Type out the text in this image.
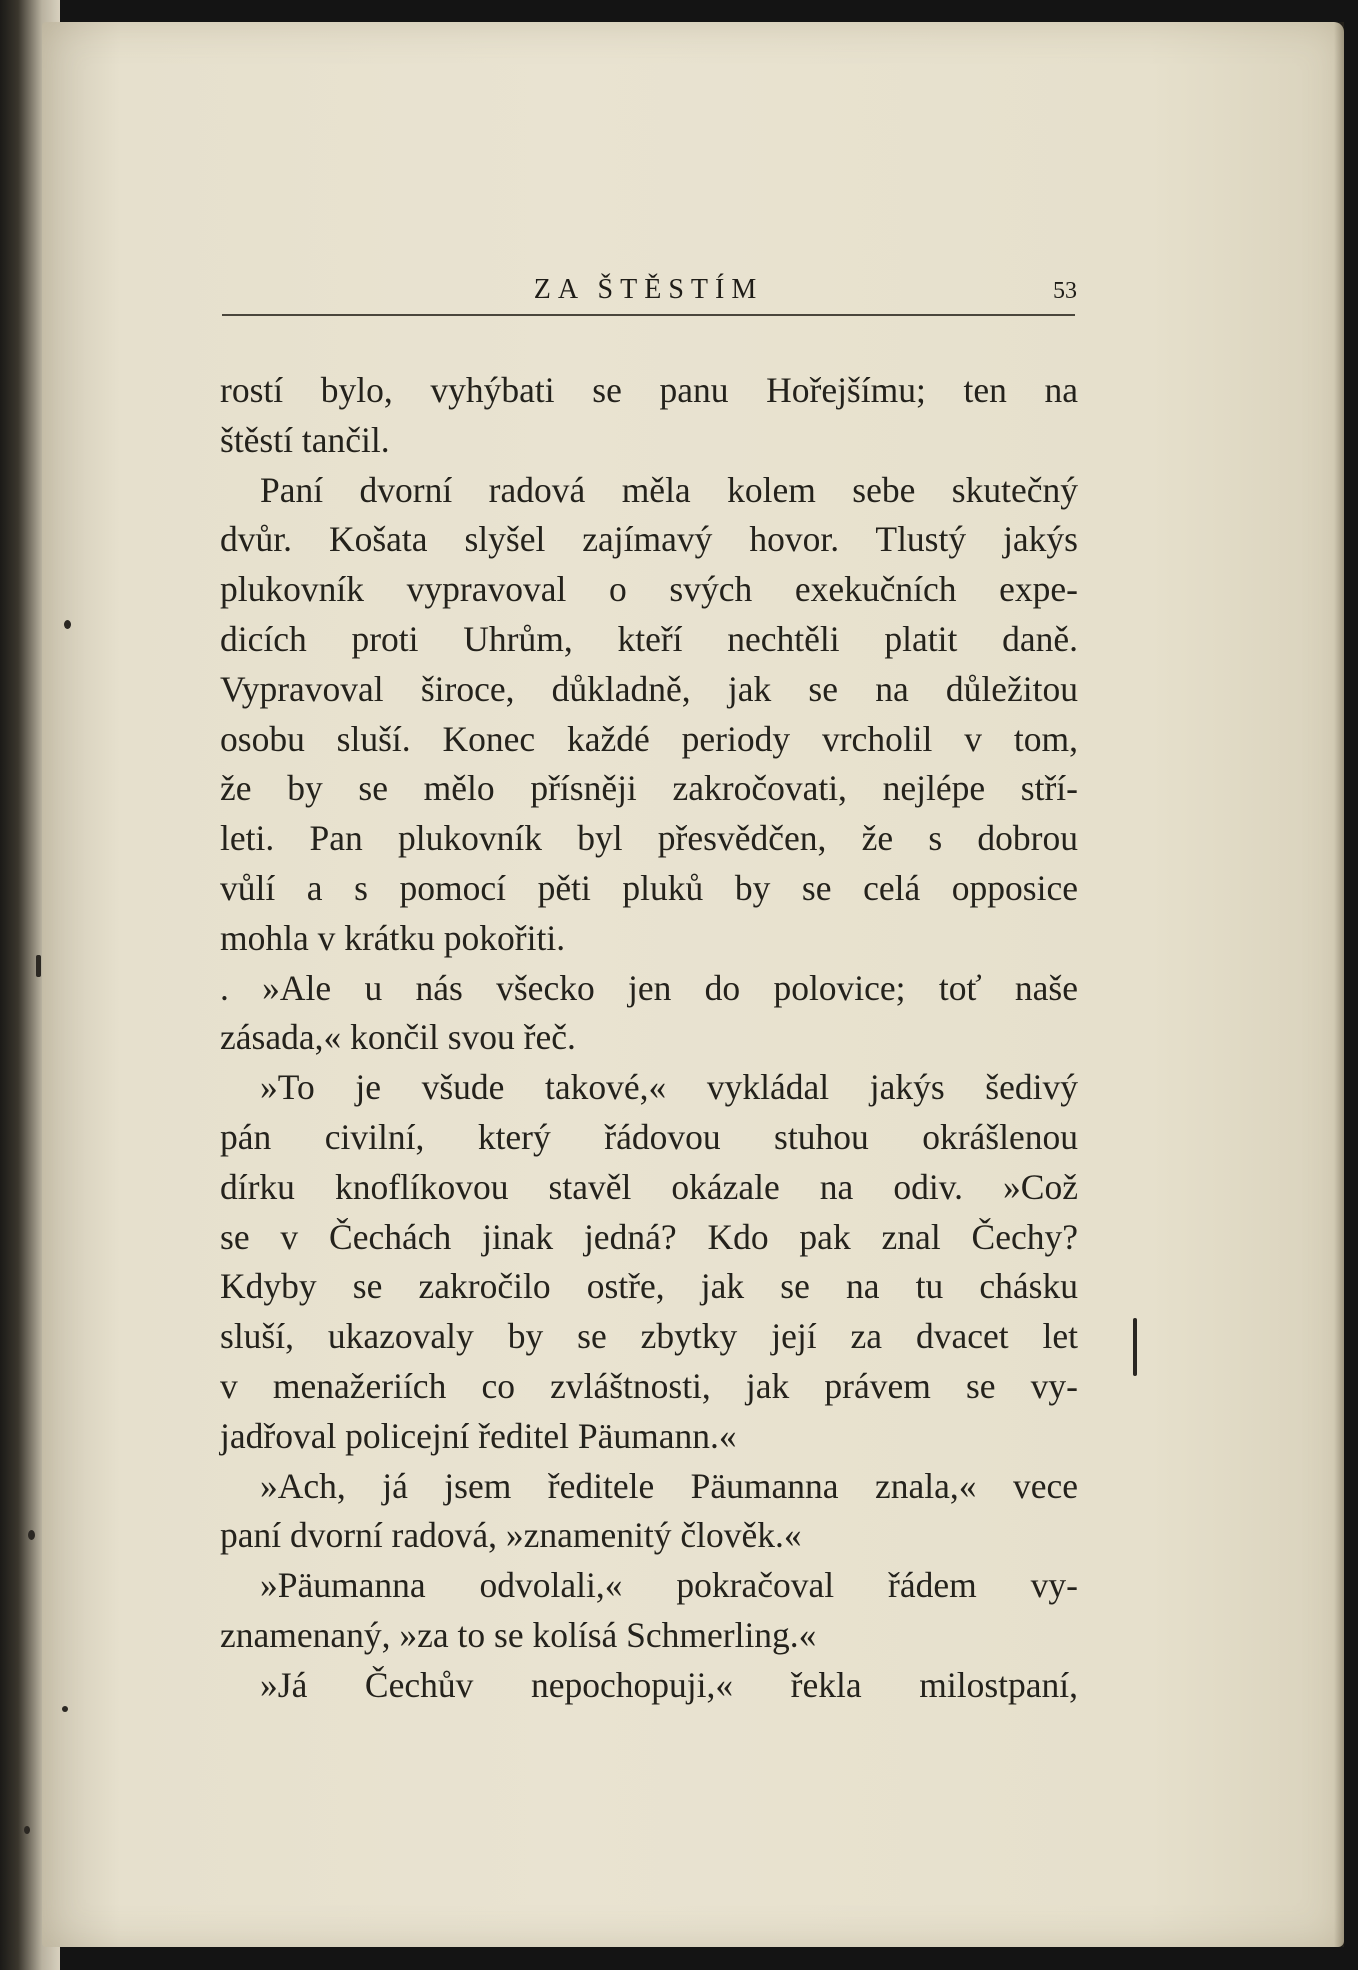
ZA ŠTĚSTÍM	53
rostí bylo, vyhýbati se panu Hořejšímu; ten na
štěstí tančil.
Paní dvorní radová měla kolem sebe skutečný
dvůr. Košata slyšel zajímavý hovor. Tlustý jakýs
plukovník vypravoval o svých exekučních expe-
dicích proti Uhrům, kteří nechtěli platit daně.
Vypravoval široce, důkladně, jak se na důležitou
osobu sluší. Konec každé periody vrcholil v tom,
že by se mělo přísněji zakročovati, nejlépe stří-
leti. Pan plukovník byl přesvědčen, že s dobrou
vůlí a s pomocí pěti pluků by se celá opposice
mohla v krátku pokořiti.
. »Ale u nás všecko jen do polovice; toť naše
zásada,« končil svou řeč.
»To je všude takové,« vykládal jakýs šedivý
pán civilní, který řádovou stuhou okrášlenou
dírku knoflíkovou stavěl okázale na odiv. »Což
se v Čechách jinak jedná? Kdo pak znal Čechy?
Kdyby se zakročilo ostře, jak se na tu chásku
sluší, ukazovaly by se zbytky její za dvacet let
v menažeriích co zvláštnosti, jak právem se vy-
jadřoval policejní ředitel Päumann.«
»Ach, já jsem ředitele Päumanna znala,« vece
paní dvorní radová, »znamenitý člověk.«
»Päumanna odvolali,« pokračoval řádem vy-
znamenaný, »za to se kolísá Schmerling.«
»Já Čechův nepochopuji,« řekla milostpaní,
